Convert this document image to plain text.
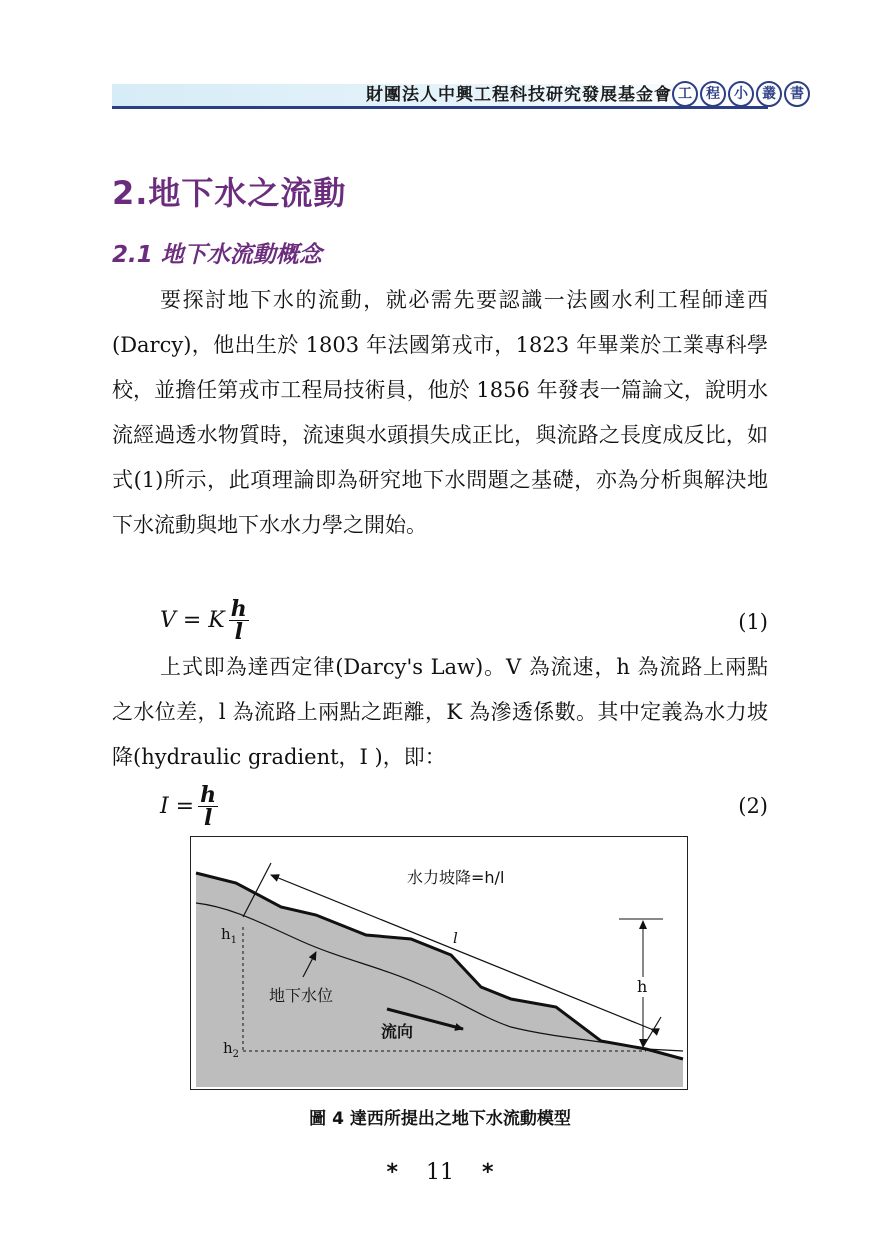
財團法人中興工程科技研究發展基金會 工	程	小	叢	書
2.地下水之流動
2.1 地下水流動概念
要探討地下水的流動，就必需先要認識一法國水利工程師達西(Darcy)，他出生於 1803 年法國第戎市，1823 年畢業於工業專科學校，並擔任第戎市工程局技術員，他於 1856 年發表一篇論文，說明水流經過透水物質時，流速與水頭損失成正比，與流路之長度成反比，如式(1)所示，此項理論即為研究地下水問題之基礎，亦為分析與解決地下水流動與地下水水力學之開始。
V = K $\frac{h}{l}$	(1)
上式即為達西定律(Darcy's Law)。V 為流速，h 為流路上兩點之水位差，l 為流路上兩點之距離，K 為滲透係數。其中定義為水力坡降(hydraulic gradient，I )，即：
$I = \frac{h}{l}$	(2)
水力坡降=h/l
l
$h_1$
$h_2$
地下水位	h
流向
圖 4 達西所提出之地下水流動模型
* 11 *
